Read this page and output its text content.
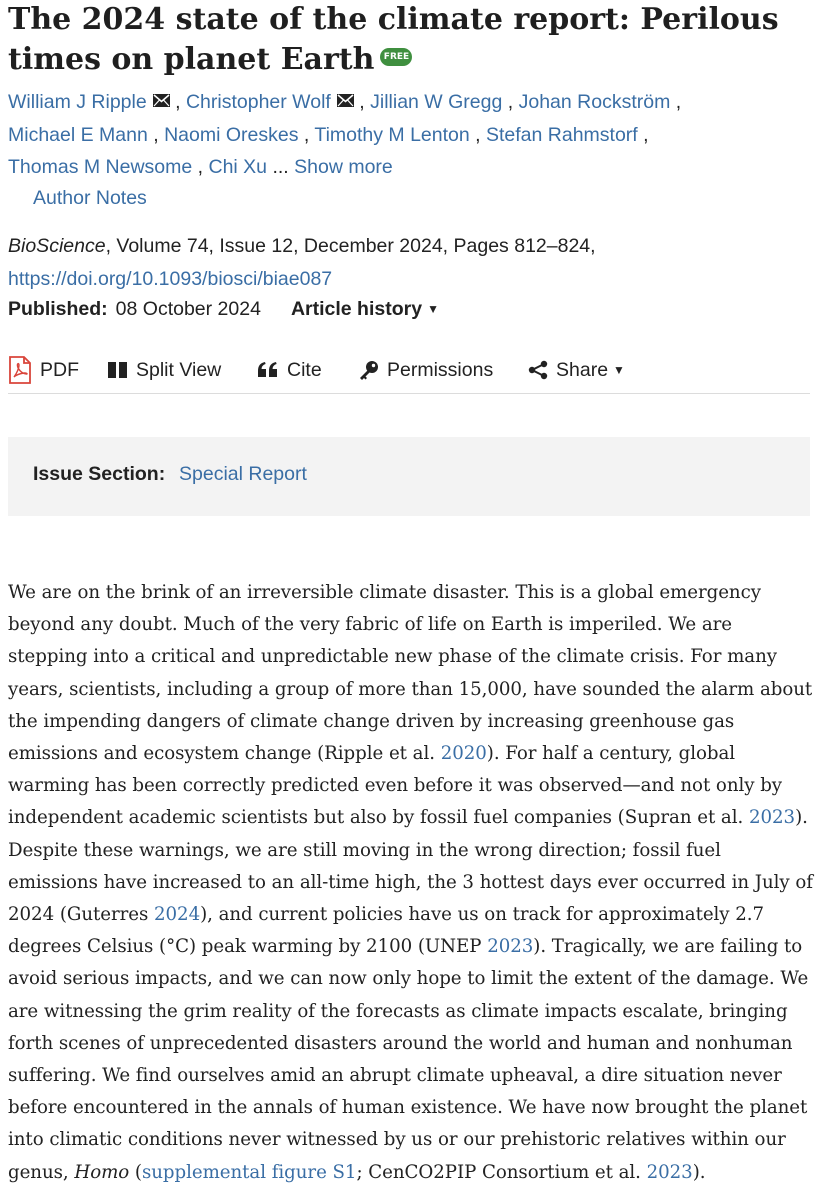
The 2024 state of the climate report: Perilous times on planet Earth FREE
William J Ripple , Christopher Wolf , Jillian W Gregg , Johan Rockström ,
Michael E Mann , Naomi Oreskes , Timothy M Lenton , Stefan Rahmstorf ,
Thomas M Newsome , Chi Xu ... Show more
Author Notes
BioScience, Volume 74, Issue 12, December 2024, Pages 812–824,
https://doi.org/10.1093/biosci/biae087
Published: 08 October 2024 Article history ▼
PDF	Split View	Cite	Permissions	Share ▼
Issue Section: Special Report

We are on the brink of an irreversible climate disaster. This is a global emergency beyond any doubt. Much of the very fabric of life on Earth is imperiled. We are stepping into a critical and unpredictable new phase of the climate crisis. For many years, scientists, including a group of more than 15,000, have sounded the alarm about the impending dangers of climate change driven by increasing greenhouse gas emissions and ecosystem change (Ripple et al. 2020). For half a century, global warming has been correctly predicted even before it was observed—and not only by independent academic scientists but also by fossil fuel companies (Supran et al. 2023). Despite these warnings, we are still moving in the wrong direction; fossil fuel emissions have increased to an all-time high, the 3 hottest days ever occurred in July of 2024 (Guterres 2024), and current policies have us on track for approximately 2.7 degrees Celsius (°C) peak warming by 2100 (UNEP 2023). Tragically, we are failing to avoid serious impacts, and we can now only hope to limit the extent of the damage. We are witnessing the grim reality of the forecasts as climate impacts escalate, bringing forth scenes of unprecedented disasters around the world and human and nonhuman suffering. We find ourselves amid an abrupt climate upheaval, a dire situation never before encountered in the annals of human existence. We have now brought the planet into climatic conditions never witnessed by us or our prehistoric relatives within our genus, Homo (supplemental figure S1; CenCO2PIP Consortium et al. 2023).
